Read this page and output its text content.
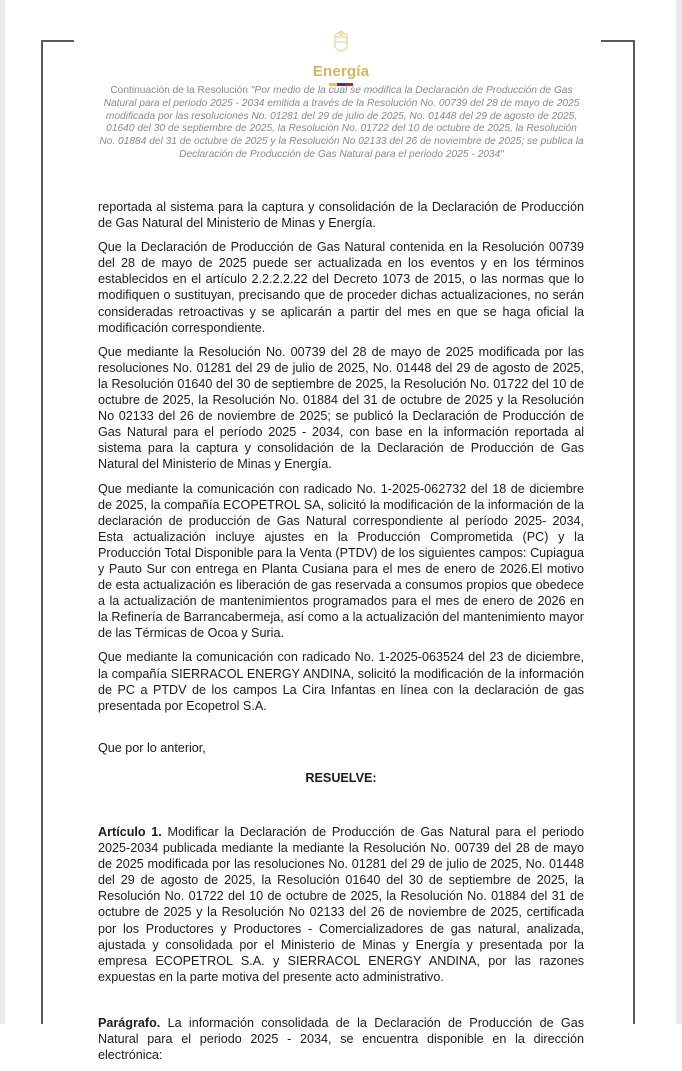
Energía
Continuación de la Resolución "Por medio de la cual se modifica la Declaración de Producción de Gas Natural para el periodo 2025 - 2034 emitida a través de la Resolución No. 00739 del 28 de mayo de 2025 modificada por las resoluciones No. 01281 del 29 de julio de 2025, No. 01448 del 29 de agosto de 2025, 01640 del 30 de septiembre de 2025, la Resolución No. 01722 del 10 de octubre de 2025, la Resolución No. 01884 del 31 de octubre de 2025 y la Resolución No 02133 del 26 de noviembre de 2025; se publica la Declaración de Producción de Gas Natural para el periodo 2025 - 2034"

reportada al sistema para la captura y consolidación de la Declaración de Producción de Gas Natural del Ministerio de Minas y Energía.

Que la Declaración de Producción de Gas Natural contenida en la Resolución 00739 del 28 de mayo de 2025 puede ser actualizada en los eventos y en los términos establecidos en el artículo 2.2.2.2.22 del Decreto 1073 de 2015, o las normas que lo modifiquen o sustituyan, precisando que de proceder dichas actualizaciones, no serán consideradas retroactivas y se aplicarán a partir del mes en que se haga oficial la modificación correspondiente.

Que mediante la Resolución No. 00739 del 28 de mayo de 2025 modificada por las resoluciones No. 01281 del 29 de julio de 2025, No. 01448 del 29 de agosto de 2025, la Resolución 01640 del 30 de septiembre de 2025, la Resolución No. 01722 del 10 de octubre de 2025, la Resolución No. 01884 del 31 de octubre de 2025 y la Resolución No 02133 del 26 de noviembre de 2025; se publicó la Declaración de Producción de Gas Natural para el período 2025 - 2034, con base en la información reportada al sistema para la captura y consolidación de la Declaración de Producción de Gas Natural del Ministerio de Minas y Energía.

Que mediante la comunicación con radicado No. 1-2025-062732 del 18 de diciembre de 2025, la compañía ECOPETROL SA, solicitó la modificación de la información de la declaración de producción de Gas Natural correspondiente al período 2025- 2034, Esta actualización incluye ajustes en la Producción Comprometida (PC) y la Producción Total Disponible para la Venta (PTDV) de los siguientes campos: Cupiagua y Pauto Sur con entrega en Planta Cusiana para el mes de enero de 2026.El motivo de esta actualización es liberación de gas reservada a consumos propios que obedece a la actualización de mantenimientos programados para el mes de enero de 2026 en la Refinería de Barrancabermeja, así como a la actualización del mantenimiento mayor de las Térmicas de Ocoa y Suria.

Que mediante la comunicación con radicado No. 1-2025-063524 del 23 de diciembre, la compañía SIERRACOL ENERGY ANDINA, solicitó la modificación de la información de PC a PTDV de los campos La Cira Infantas en línea con la declaración de gas presentada por Ecopetrol S.A.

Que por lo anterior,

RESUELVE:

Artículo 1. Modificar la Declaración de Producción de Gas Natural para el periodo 2025-2034 publicada mediante la mediante la Resolución No. 00739 del 28 de mayo de 2025 modificada por las resoluciones No. 01281 del 29 de julio de 2025, No. 01448 del 29 de agosto de 2025, la Resolución 01640 del 30 de septiembre de 2025, la Resolución No. 01722 del 10 de octubre de 2025, la Resolución No. 01884 del 31 de octubre de 2025 y la Resolución No 02133 del 26 de noviembre de 2025, certificada por los Productores y Productores - Comercializadores de gas natural, analizada, ajustada y consolidada por el Ministerio de Minas y Energía y presentada por la empresa ECOPETROL S.A. y SIERRACOL ENERGY ANDINA, por las razones expuestas en la parte motiva del presente acto administrativo.

Parágrafo. La información consolidada de la Declaración de Producción de Gas Natural para el periodo 2025 - 2034, se encuentra disponible en la dirección electrónica:
